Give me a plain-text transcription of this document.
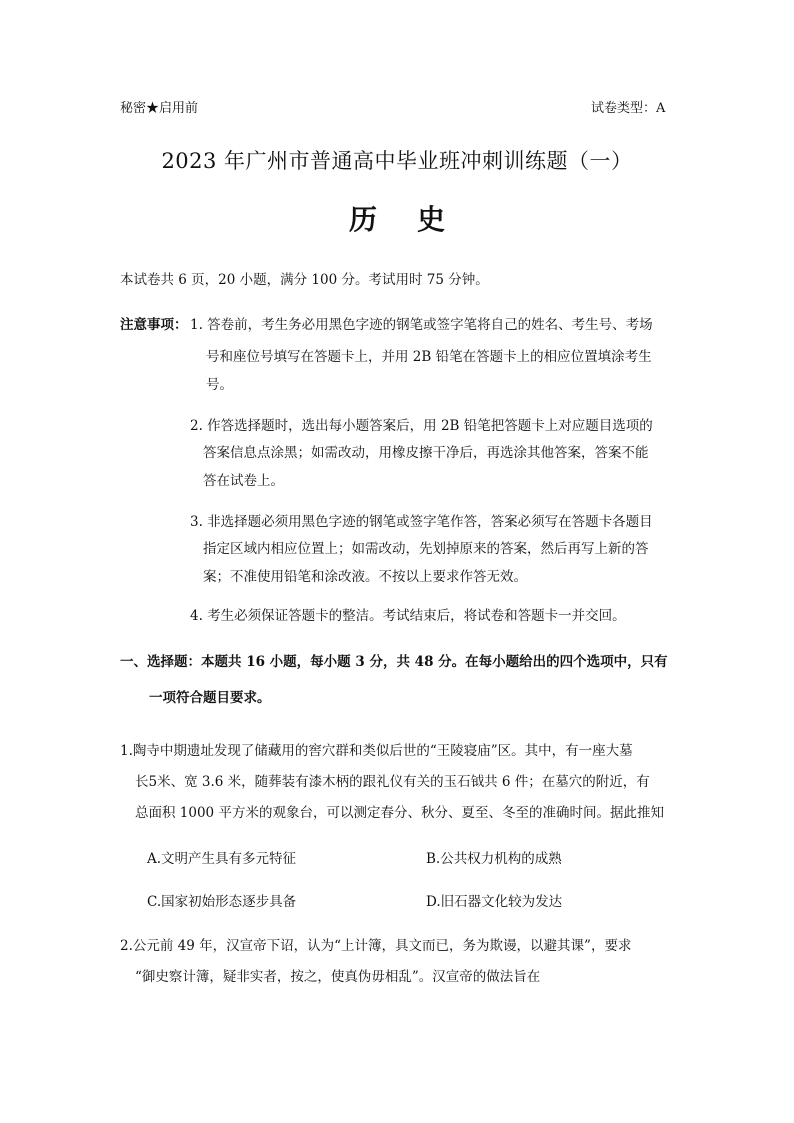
秘密★启用前	试卷类型：A
2023 年广州市普通高中毕业班冲刺训练题（一）
历 史
本试卷共 6 页，20 小题，满分 100 分。考试用时 75 分钟。
注意事项： 1. 答卷前，考生务必用黑色字迹的钢笔或签字笔将自己的姓名、考生号、考场
号和座位号填写在答题卡上，并用 2B 铅笔在答题卡上的相应位置填涂考生
号。
2. 作答选择题时，选出每小题答案后，用 2B 铅笔把答题卡上对应题目选项的
答案信息点涂黑；如需改动，用橡皮擦干净后，再选涂其他答案，答案不能
答在试卷上。
3. 非选择题必须用黑色字迹的钢笔或签字笔作答，答案必须写在答题卡各题目
指定区域内相应位置上；如需改动，先划掉原来的答案，然后再写上新的答
案；不准使用铅笔和涂改液。不按以上要求作答无效。
4. 考生必须保证答题卡的整洁。考试结束后，将试卷和答题卡一并交回。
一、选择题：本题共 16 小题，每小题 3 分，共 48 分。在每小题给出的四个选项中，只有
一项符合题目要求。
1.陶寺中期遗址发现了储藏用的窖穴群和类似后世的“王陵寝庙”区。其中，有一座大墓
长5米、宽 3.6 米，随葬装有漆木柄的跟礼仪有关的玉石钺共 6 件；在墓穴的附近，有
总面积 1000 平方米的观象台，可以测定春分、秋分、夏至、冬至的准确时间。据此推知
A.文明产生具有多元特征	B.公共权力机构的成熟
C.国家初始形态逐步具备	D.旧石器文化较为发达
2.公元前 49 年，汉宣帝下诏，认为“上计簿，具文而已，务为欺谩，以避其课”，要求
“御史察计簿，疑非实者，按之，使真伪毋相乱”。汉宣帝的做法旨在
